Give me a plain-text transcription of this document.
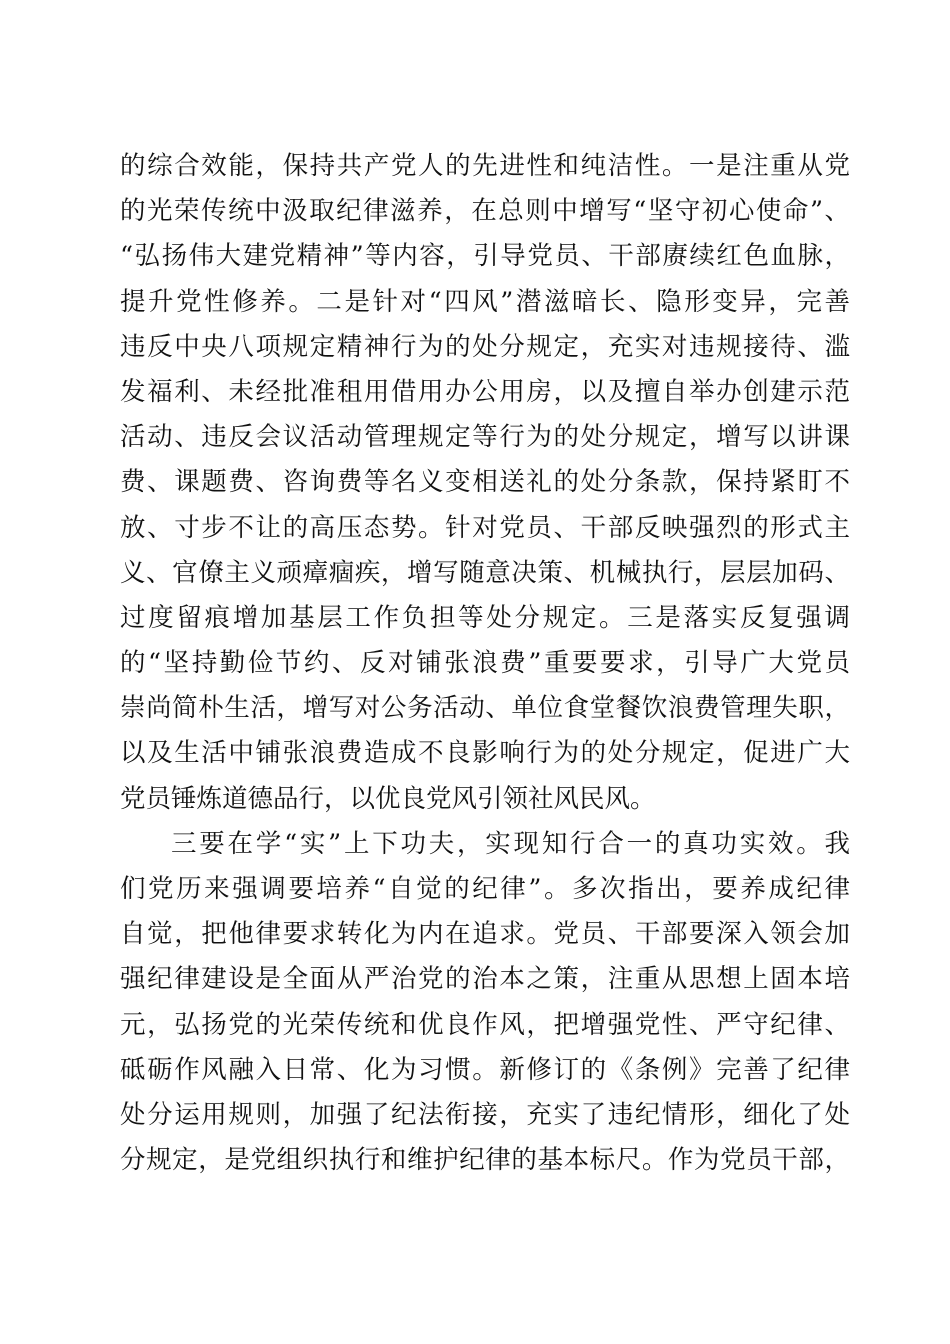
的综合效能，保持共产党人的先进性和纯洁性。一是注重从党
的光荣传统中汲取纪律滋养，在总则中增写“坚守初心使命”、
“弘扬伟大建党精神”等内容，引导党员、干部赓续红色血脉，
提升党性修养。二是针对“四风”潜滋暗长、隐形变异，完善
违反中央八项规定精神行为的处分规定，充实对违规接待、滥
发福利、未经批准租用借用办公用房，以及擅自举办创建示范
活动、违反会议活动管理规定等行为的处分规定，增写以讲课
费、课题费、咨询费等名义变相送礼的处分条款，保持紧盯不
放、寸步不让的高压态势。针对党员、干部反映强烈的形式主
义、官僚主义顽瘴痼疾，增写随意决策、机械执行，层层加码、
过度留痕增加基层工作负担等处分规定。三是落实反复强调
的“坚持勤俭节约、反对铺张浪费”重要要求，引导广大党员
崇尚简朴生活，增写对公务活动、单位食堂餐饮浪费管理失职，
以及生活中铺张浪费造成不良影响行为的处分规定，促进广大
党员锤炼道德品行，以优良党风引领社风民风。
三要在学“实”上下功夫，实现知行合一的真功实效。我
们党历来强调要培养“自觉的纪律”。多次指出，要养成纪律
自觉，把他律要求转化为内在追求。党员、干部要深入领会加
强纪律建设是全面从严治党的治本之策，注重从思想上固本培
元，弘扬党的光荣传统和优良作风，把增强党性、严守纪律、
砥砺作风融入日常、化为习惯。新修订的《条例》完善了纪律
处分运用规则，加强了纪法衔接，充实了违纪情形，细化了处
分规定，是党组织执行和维护纪律的基本标尺。作为党员干部，
